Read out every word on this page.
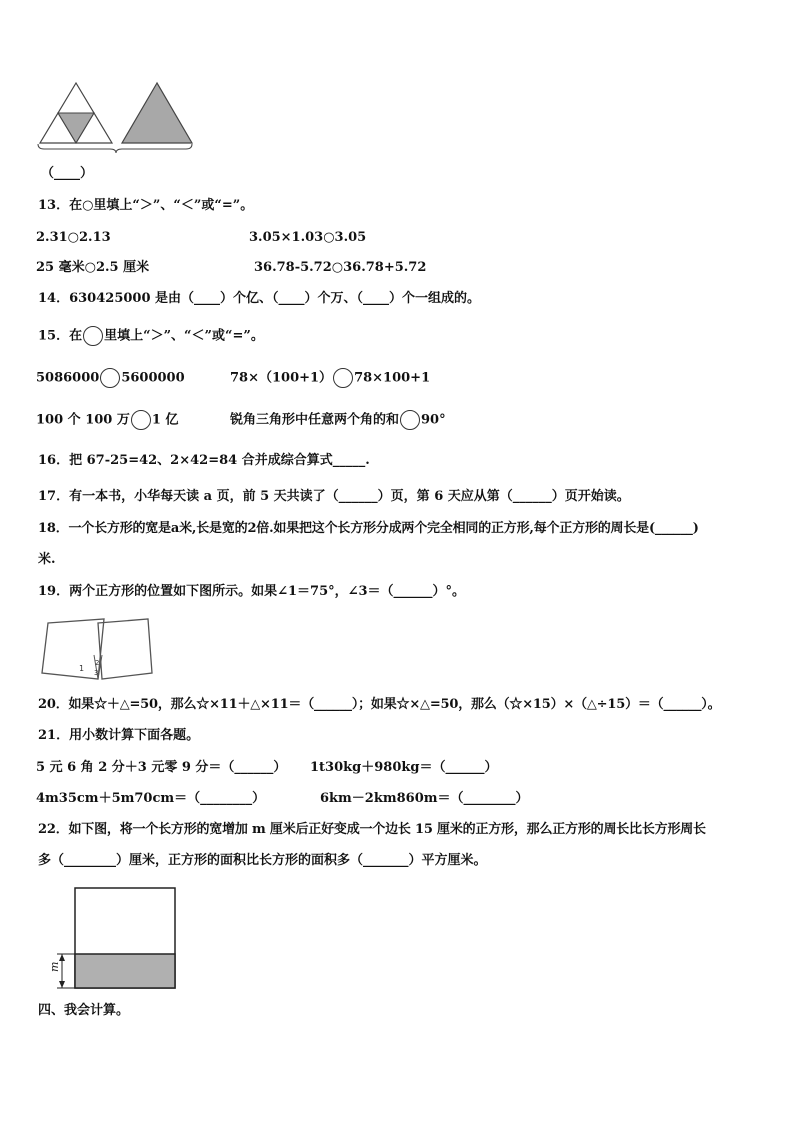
（____）
13．在○里填上“＞”、“＜”或“=”。
2.31○2.13	3.05×1.03○3.05
25 毫米○2.5 厘米	36.78-5.72○36.78+5.72
14．630425000 是由（____）个亿、（____）个万、（____）个一组成的。
15．在 里填上“＞”、“＜”或“=”。
5086000 5600000	78×（100+1） 78×100+1
100 个 100 万 1 亿	锐角三角形中任意两个角的和 90°
16．把 67-25=42、2×42=84 合并成综合算式_____.
17．有一本书，小华每天读 a 页，前 5 天共读了（______）页，第 6 天应从第（______）页开始读。
18．一个长方形的宽是a米,长是宽的2倍.如果把这个长方形分成两个完全相同的正方形,每个正方形的周长是(______)
米.
19．两个正方形的位置如下图所示。如果∠1＝75°，∠3＝（______）°。
1
2
3
20．如果☆＋△=50，那么☆×11＋△×11＝（______）；如果☆×△=50，那么（☆×15）×（△÷15）＝（______）。
21．用小数计算下面各题。
5 元 6 角 2 分＋3 元零 9 分＝（______） 1t30kg＋980kg＝（______）
4m35cm＋5m70cm＝（________）	6km－2km860m＝（________）
22．如下图，将一个长方形的宽增加 m 厘米后正好变成一个边长 15 厘米的正方形，那么正方形的周长比长方形周长
多（________）厘米，正方形的面积比长方形的面积多（_______）平方厘米。
m
四、我会计算。
